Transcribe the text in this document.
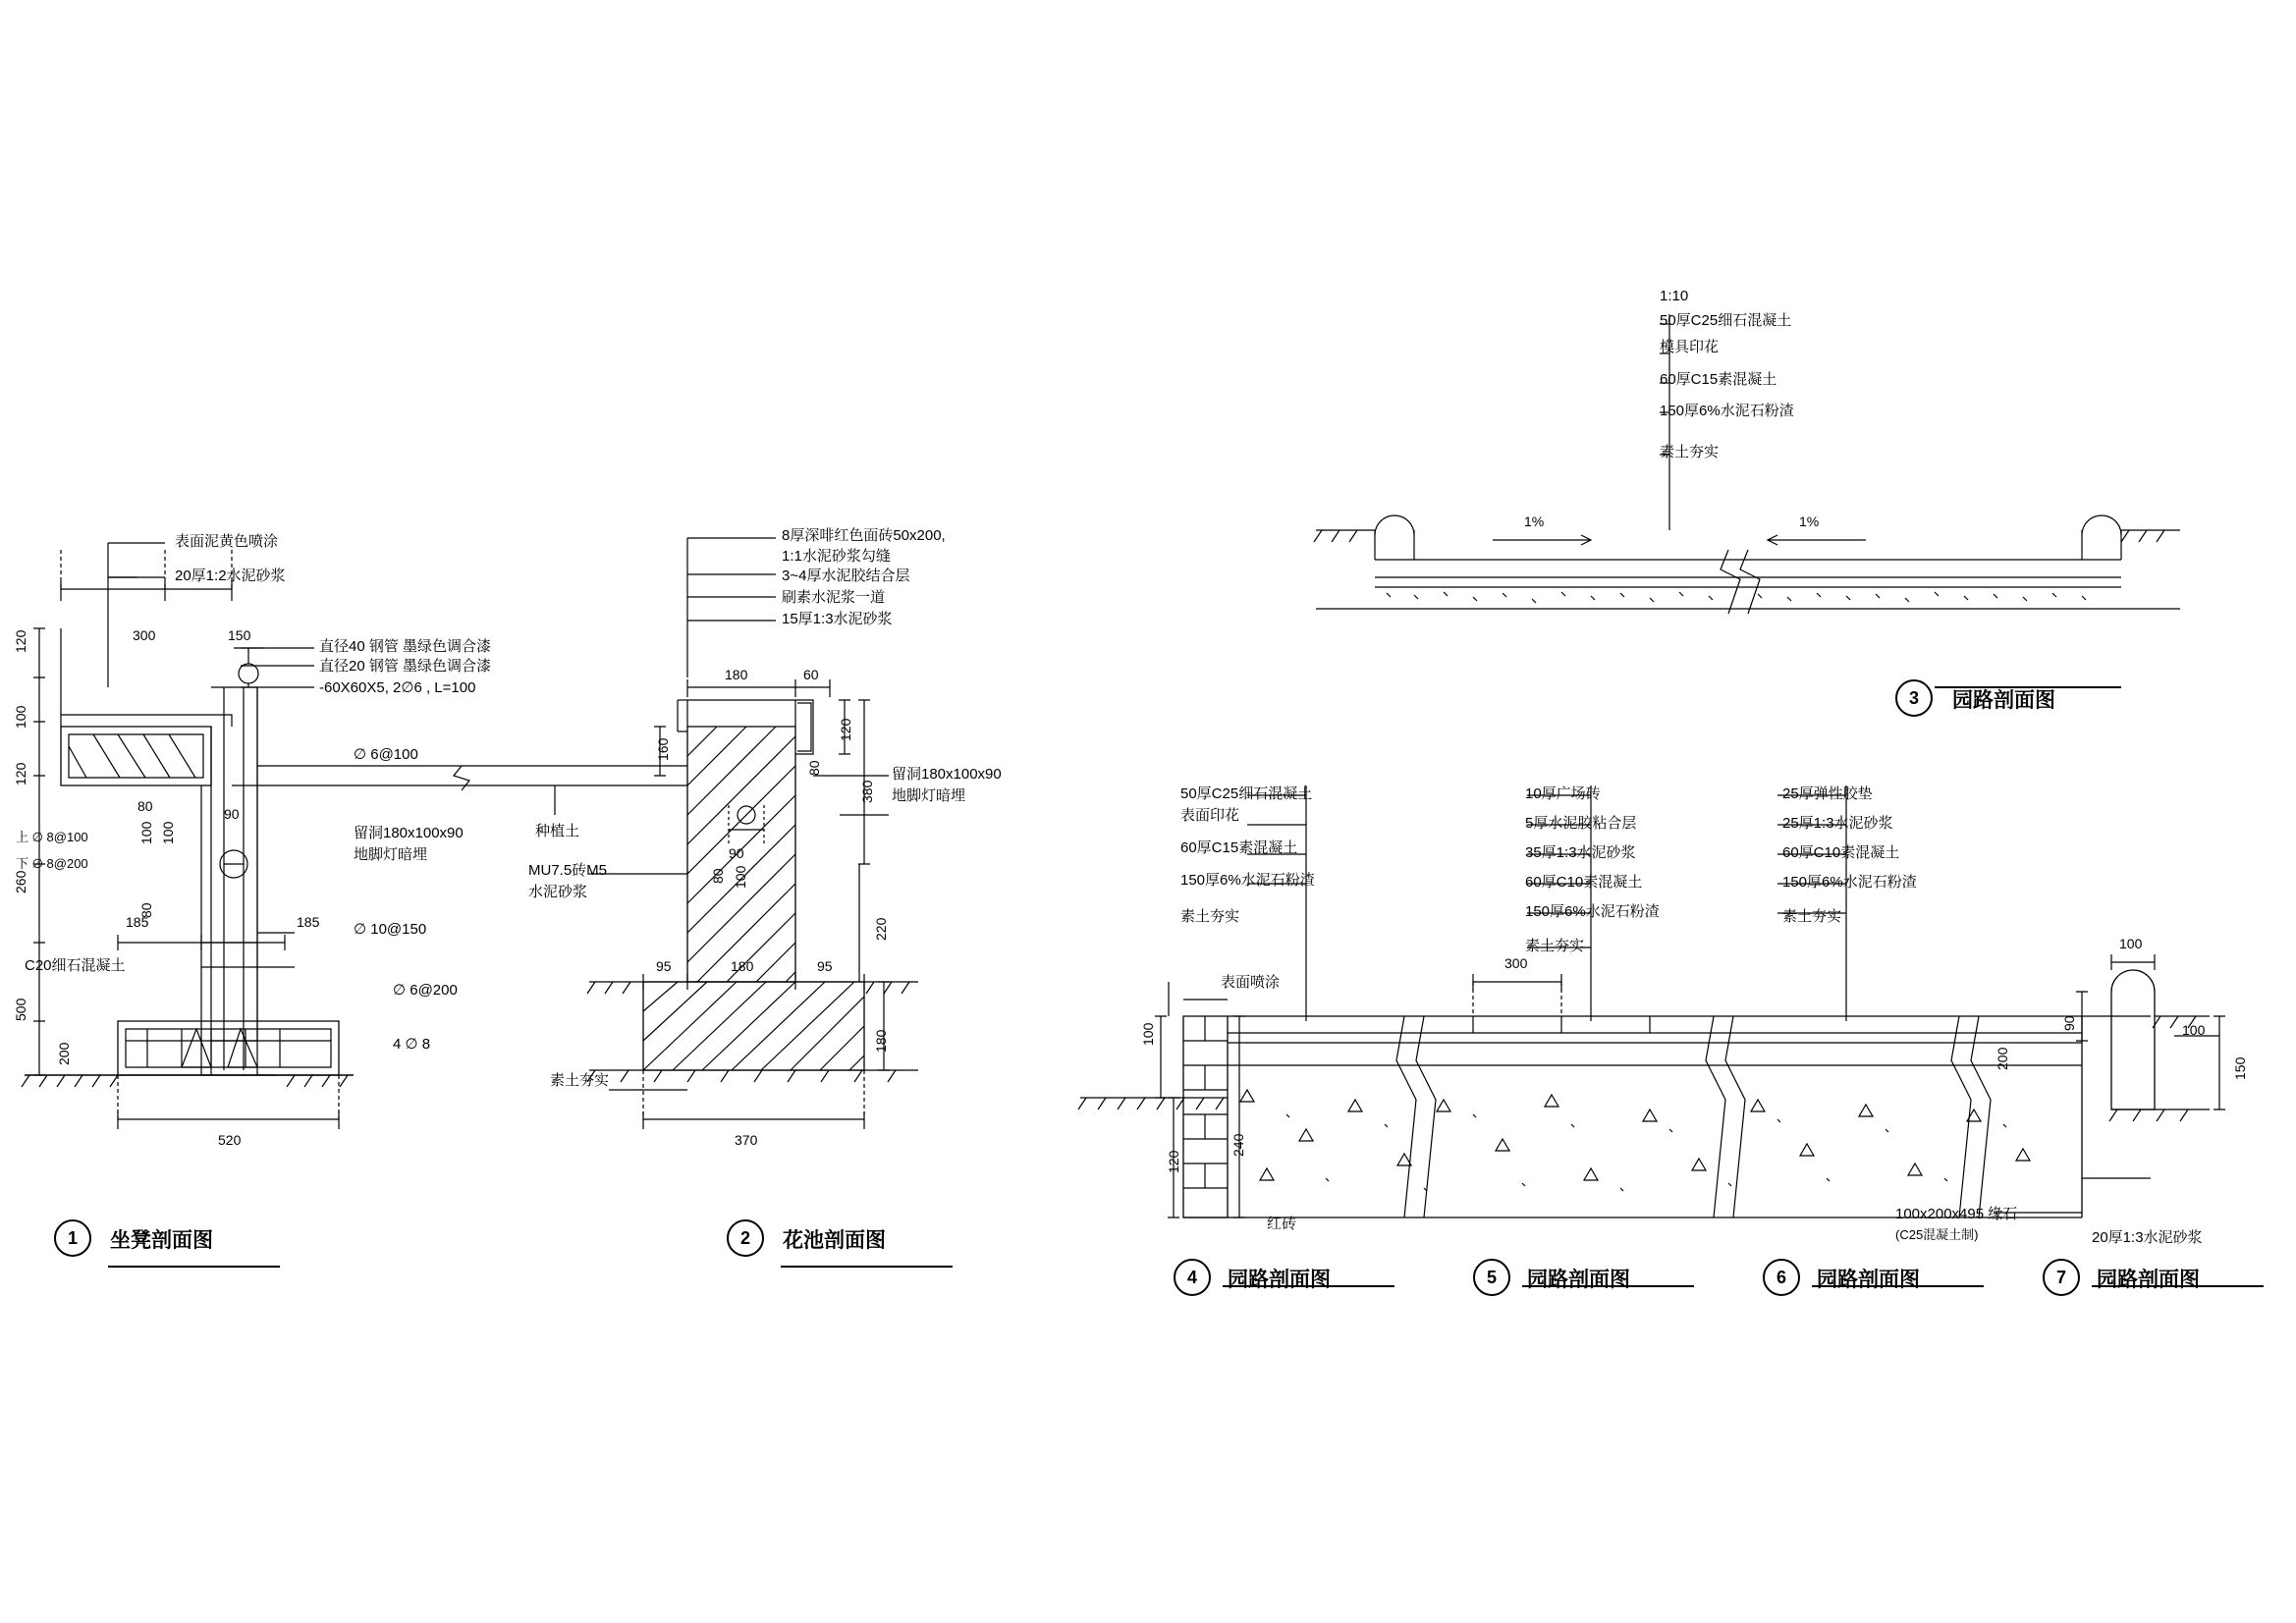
表面泥黄色喷涂
20厚1:2水泥砂浆
直径40 钢管 墨绿色调合漆
直径20 钢管 墨绿色调合漆
-60X60X5, 2∅6 , L=100
∅ 6@100
留洞180x100x90
地脚灯暗埋
∅ 10@150
∅ 6@200
4 ∅ 8
C20细石混凝土
种植土
上 ∅ 8@100
下 ∅ 8@200
300	150
120
100
120
80	90
100 100
80
260
185	185
500
200
520
1	坐凳剖面图
8厚深啡红色面砖50x200,
1:1水泥砂浆勾缝
3~4厚水泥胶结合层
刷素水泥浆一道
15厚1:3水泥砂浆
留洞180x100x90
地脚灯暗埋
MU7.5砖M5
水泥砂浆
素土夯实
180	60
160
120
80
380
90
80 100
95	180	95
220
180
370
2	花池剖面图
1:10
50厚C25细石混凝土
模具印花
60厚C15素混凝土
150厚6%水泥石粉渣
素土夯实
1%	1%
3	园路剖面图
50厚C25细石混凝土
表面印花
60厚C15素混凝土
150厚6%水泥石粉渣
素土夯实
表面喷涂
红砖
100
120
240
4	园路剖面图
10厚广场砖
5厚水泥胶粘合层
35厚1:3水泥砂浆
60厚C10素混凝土
150厚6%水泥石粉渣
素土夯实
300
5	园路剖面图
25厚弹性胶垫
25厚1:3水泥砂浆
60厚C10素混凝土
150厚6%水泥石粉渣
素土夯实
6	园路剖面图
100x200x495 缘石
(C25混凝土制)	20厚1:3水泥砂浆
100
90
200
100
150
7	园路剖面图
